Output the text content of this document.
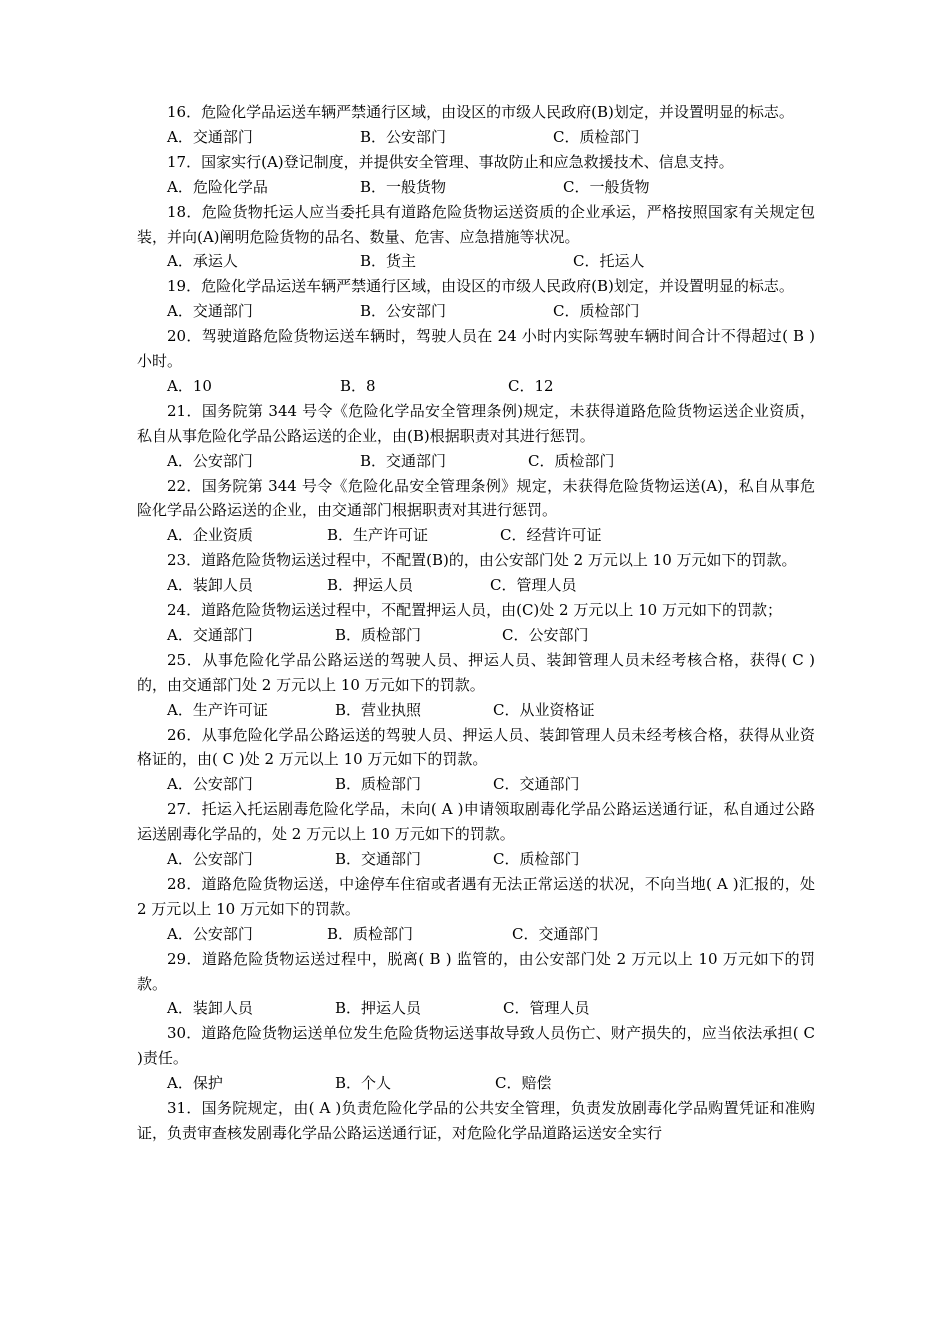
16．危险化学品运送车辆严禁通行区域，由设区的市级人民政府(B)划定，并设置明显的标志。

A．交通部门	B．公安部门	C．质检部门

17．国家实行(A)登记制度，并提供安全管理、事故防止和应急救援技术、信息支持。

A．危险化学品	B．一般货物	C．一般货物

18．危险货物托运人应当委托具有道路危险货物运送资质的企业承运，严格按照国家有关规定包装，并向(A)阐明危险货物的品名、数量、危害、应急措施等状况。

A．承运人	B．货主	C．托运人

19．危险化学品运送车辆严禁通行区域，由设区的市级人民政府(B)划定，并设置明显的标志。

A．交通部门	B．公安部门	C．质检部门

20．驾驶道路危险货物运送车辆时，驾驶人员在 24 小时内实际驾驶车辆时间合计不得超过( B )小时。

A．10	B．8	C．12

21．国务院第 344 号令《危险化学品安全管理条例)规定，未获得道路危险货物运送企业资质，私自从事危险化学品公路运送的企业，由(B)根据职责对其进行惩罚。

A．公安部门	B．交通部门	C．质检部门

22．国务院第 344 号令《危险化品安全管理条例》规定，未获得危险货物运送(A)，私自从事危险化学品公路运送的企业，由交通部门根据职责对其进行惩罚。

A．企业资质	B．生产许可证	C．经营许可证

23．道路危险货物运送过程中，不配置(B)的，由公安部门处 2 万元以上 10 万元如下的罚款。

A．装卸人员	B．押运人员	C．管理人员

24．道路危险货物运送过程中，不配置押运人员，由(C)处 2 万元以上 10 万元如下的罚款；

A．交通部门	B．质检部门	C．公安部门

25．从事危险化学品公路运送的驾驶人员、押运人员、装卸管理人员未经考核合格，获得( C )的，由交通部门处 2 万元以上 10 万元如下的罚款。

A．生产许可证	B．营业执照	C．从业资格证

26．从事危险化学品公路运送的驾驶人员、押运人员、装卸管理人员未经考核合格，获得从业资格证的，由( C )处 2 万元以上 10 万元如下的罚款。

A．公安部门	B．质检部门	C．交通部门

27．托运入托运剧毒危险化学品，未向( A )申请领取剧毒化学品公路运送通行证，私自通过公路运送剧毒化学品的，处 2 万元以上 10 万元如下的罚款。

A．公安部门	B．交通部门	C．质检部门

28．道路危险货物运送，中途停车住宿或者遇有无法正常运送的状况，不向当地( A )汇报的，处 2 万元以上 10 万元如下的罚款。

A．公安部门	B．质检部门	C．交通部门

29．道路危险货物运送过程中，脱离( B ) 监管的，由公安部门处 2 万元以上 10 万元如下的罚款。

A．装卸人员	B．押运人员	C．管理人员

30．道路危险货物运送单位发生危险货物运送事故导致人员伤亡、财产损失的，应当依法承担( C )责任。

A．保护	B．个人	C．赔偿

31．国务院规定，由( A )负责危险化学品的公共安全管理，负责发放剧毒化学品购置凭证和准购证，负责审查核发剧毒化学品公路运送通行证，对危险化学品道路运送安全实行
